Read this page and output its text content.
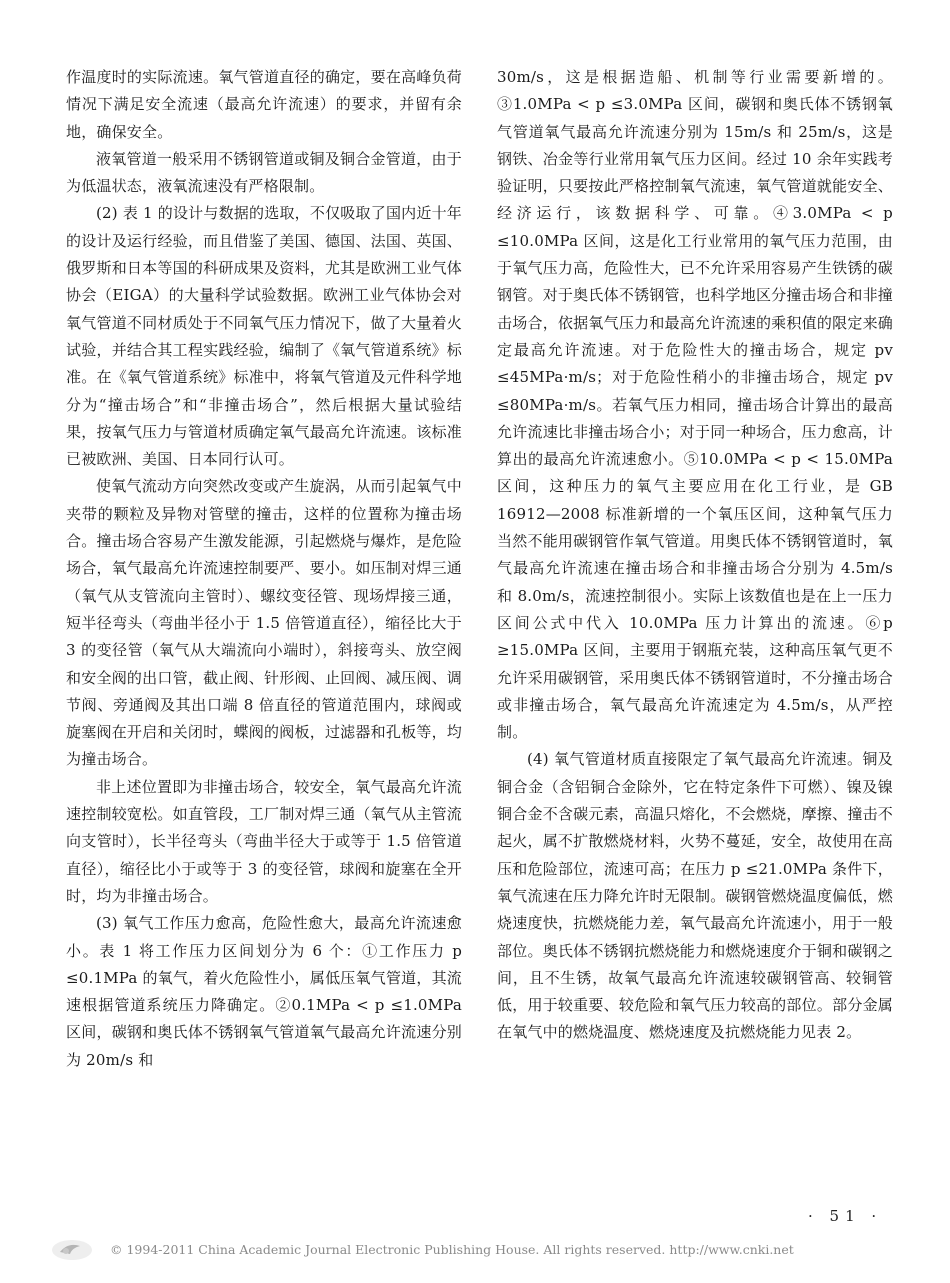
作温度时的实际流速。氧气管道直径的确定，要在高峰负荷情况下满足安全流速（最高允许流速）的要求，并留有余地，确保安全。

液氧管道一般采用不锈钢管道或铜及铜合金管道，由于为低温状态，液氧流速没有严格限制。

(2) 表 1 的设计与数据的选取，不仅吸取了国内近十年的设计及运行经验，而且借鉴了美国、德国、法国、英国、俄罗斯和日本等国的科研成果及资料，尤其是欧洲工业气体协会（EIGA）的大量科学试验数据。欧洲工业气体协会对氧气管道不同材质处于不同氧气压力情况下，做了大量着火试验，并结合其工程实践经验，编制了《氧气管道系统》标准。在《氧气管道系统》标准中，将氧气管道及元件科学地分为“撞击场合”和“非撞击场合”，然后根据大量试验结果，按氧气压力与管道材质确定氧气最高允许流速。该标准已被欧洲、美国、日本同行认可。

使氧气流动方向突然改变或产生旋涡，从而引起氧气中夹带的颗粒及异物对管壁的撞击，这样的位置称为撞击场合。撞击场合容易产生激发能源，引起燃烧与爆炸，是危险场合，氧气最高允许流速控制要严、要小。如压制对焊三通（氧气从支管流向主管时）、螺纹变径管、现场焊接三通，短半径弯头（弯曲半径小于 1.5 倍管道直径），缩径比大于 3 的变径管（氧气从大端流向小端时），斜接弯头、放空阀和安全阀的出口管，截止阀、针形阀、止回阀、减压阀、调节阀、旁通阀及其出口端 8 倍直径的管道范围内，球阀或旋塞阀在开启和关闭时，蝶阀的阀板，过滤器和孔板等，均为撞击场合。

非上述位置即为非撞击场合，较安全，氧气最高允许流速控制较宽松。如直管段，工厂制对焊三通（氧气从主管流向支管时），长半径弯头（弯曲半径大于或等于 1.5 倍管道直径），缩径比小于或等于 3 的变径管，球阀和旋塞在全开时，均为非撞击场合。

(3) 氧气工作压力愈高，危险性愈大，最高允许流速愈小。表 1 将工作压力区间划分为 6 个：①工作压力 p ≤0.1MPa 的氧气，着火危险性小，属低压氧气管道，其流速根据管道系统压力降确定。②0.1MPa < p ≤1.0MPa 区间，碳钢和奥氏体不锈钢氧气管道氧气最高允许流速分别为 20m/s 和

30m/s，这是根据造船、机制等行业需要新增的。③1.0MPa < p ≤3.0MPa 区间，碳钢和奥氏体不锈钢氧气管道氧气最高允许流速分别为 15m/s 和 25m/s，这是钢铁、冶金等行业常用氧气压力区间。经过 10 余年实践考验证明，只要按此严格控制氧气流速，氧气管道就能安全、经济运行，该数据科学、可靠。④3.0MPa < p ≤10.0MPa 区间，这是化工行业常用的氧气压力范围，由于氧气压力高，危险性大，已不允许采用容易产生铁锈的碳钢管。对于奥氏体不锈钢管，也科学地区分撞击场合和非撞击场合，依据氧气压力和最高允许流速的乘积值的限定来确定最高允许流速。对于危险性大的撞击场合，规定 pv ≤45MPa·m/s；对于危险性稍小的非撞击场合，规定 pv ≤80MPa·m/s。若氧气压力相同，撞击场合计算出的最高允许流速比非撞击场合小；对于同一种场合，压力愈高，计算出的最高允许流速愈小。⑤10.0MPa < p < 15.0MPa 区间，这种压力的氧气主要应用在化工行业，是 GB 16912—2008 标准新增的一个氧压区间，这种氧气压力当然不能用碳钢管作氧气管道。用奥氏体不锈钢管道时，氧气最高允许流速在撞击场合和非撞击场合分别为 4.5m/s 和 8.0m/s，流速控制很小。实际上该数值也是在上一压力区间公式中代入 10.0MPa 压力计算出的流速。⑥p ≥15.0MPa 区间，主要用于钢瓶充装，这种高压氧气更不允许采用碳钢管，采用奥氏体不锈钢管道时，不分撞击场合或非撞击场合，氧气最高允许流速定为 4.5m/s，从严控制。

(4) 氧气管道材质直接限定了氧气最高允许流速。铜及铜合金（含铝铜合金除外，它在特定条件下可燃）、镍及镍铜合金不含碳元素，高温只熔化，不会燃烧，摩擦、撞击不起火，属不扩散燃烧材料，火势不蔓延，安全，故使用在高压和危险部位，流速可高；在压力 p ≤21.0MPa 条件下，氧气流速在压力降允许时无限制。碳钢管燃烧温度偏低，燃烧速度快，抗燃烧能力差，氧气最高允许流速小，用于一般部位。奥氏体不锈钢抗燃烧能力和燃烧速度介于铜和碳钢之间，且不生锈，故氧气最高允许流速较碳钢管高、较铜管低，用于较重要、较危险和氧气压力较高的部位。部分金属在氧气中的燃烧温度、燃烧速度及抗燃烧能力见表 2。

· 51 ·
© 1994-2011 China Academic Journal Electronic Publishing House. All rights reserved. http://www.cnki.net
